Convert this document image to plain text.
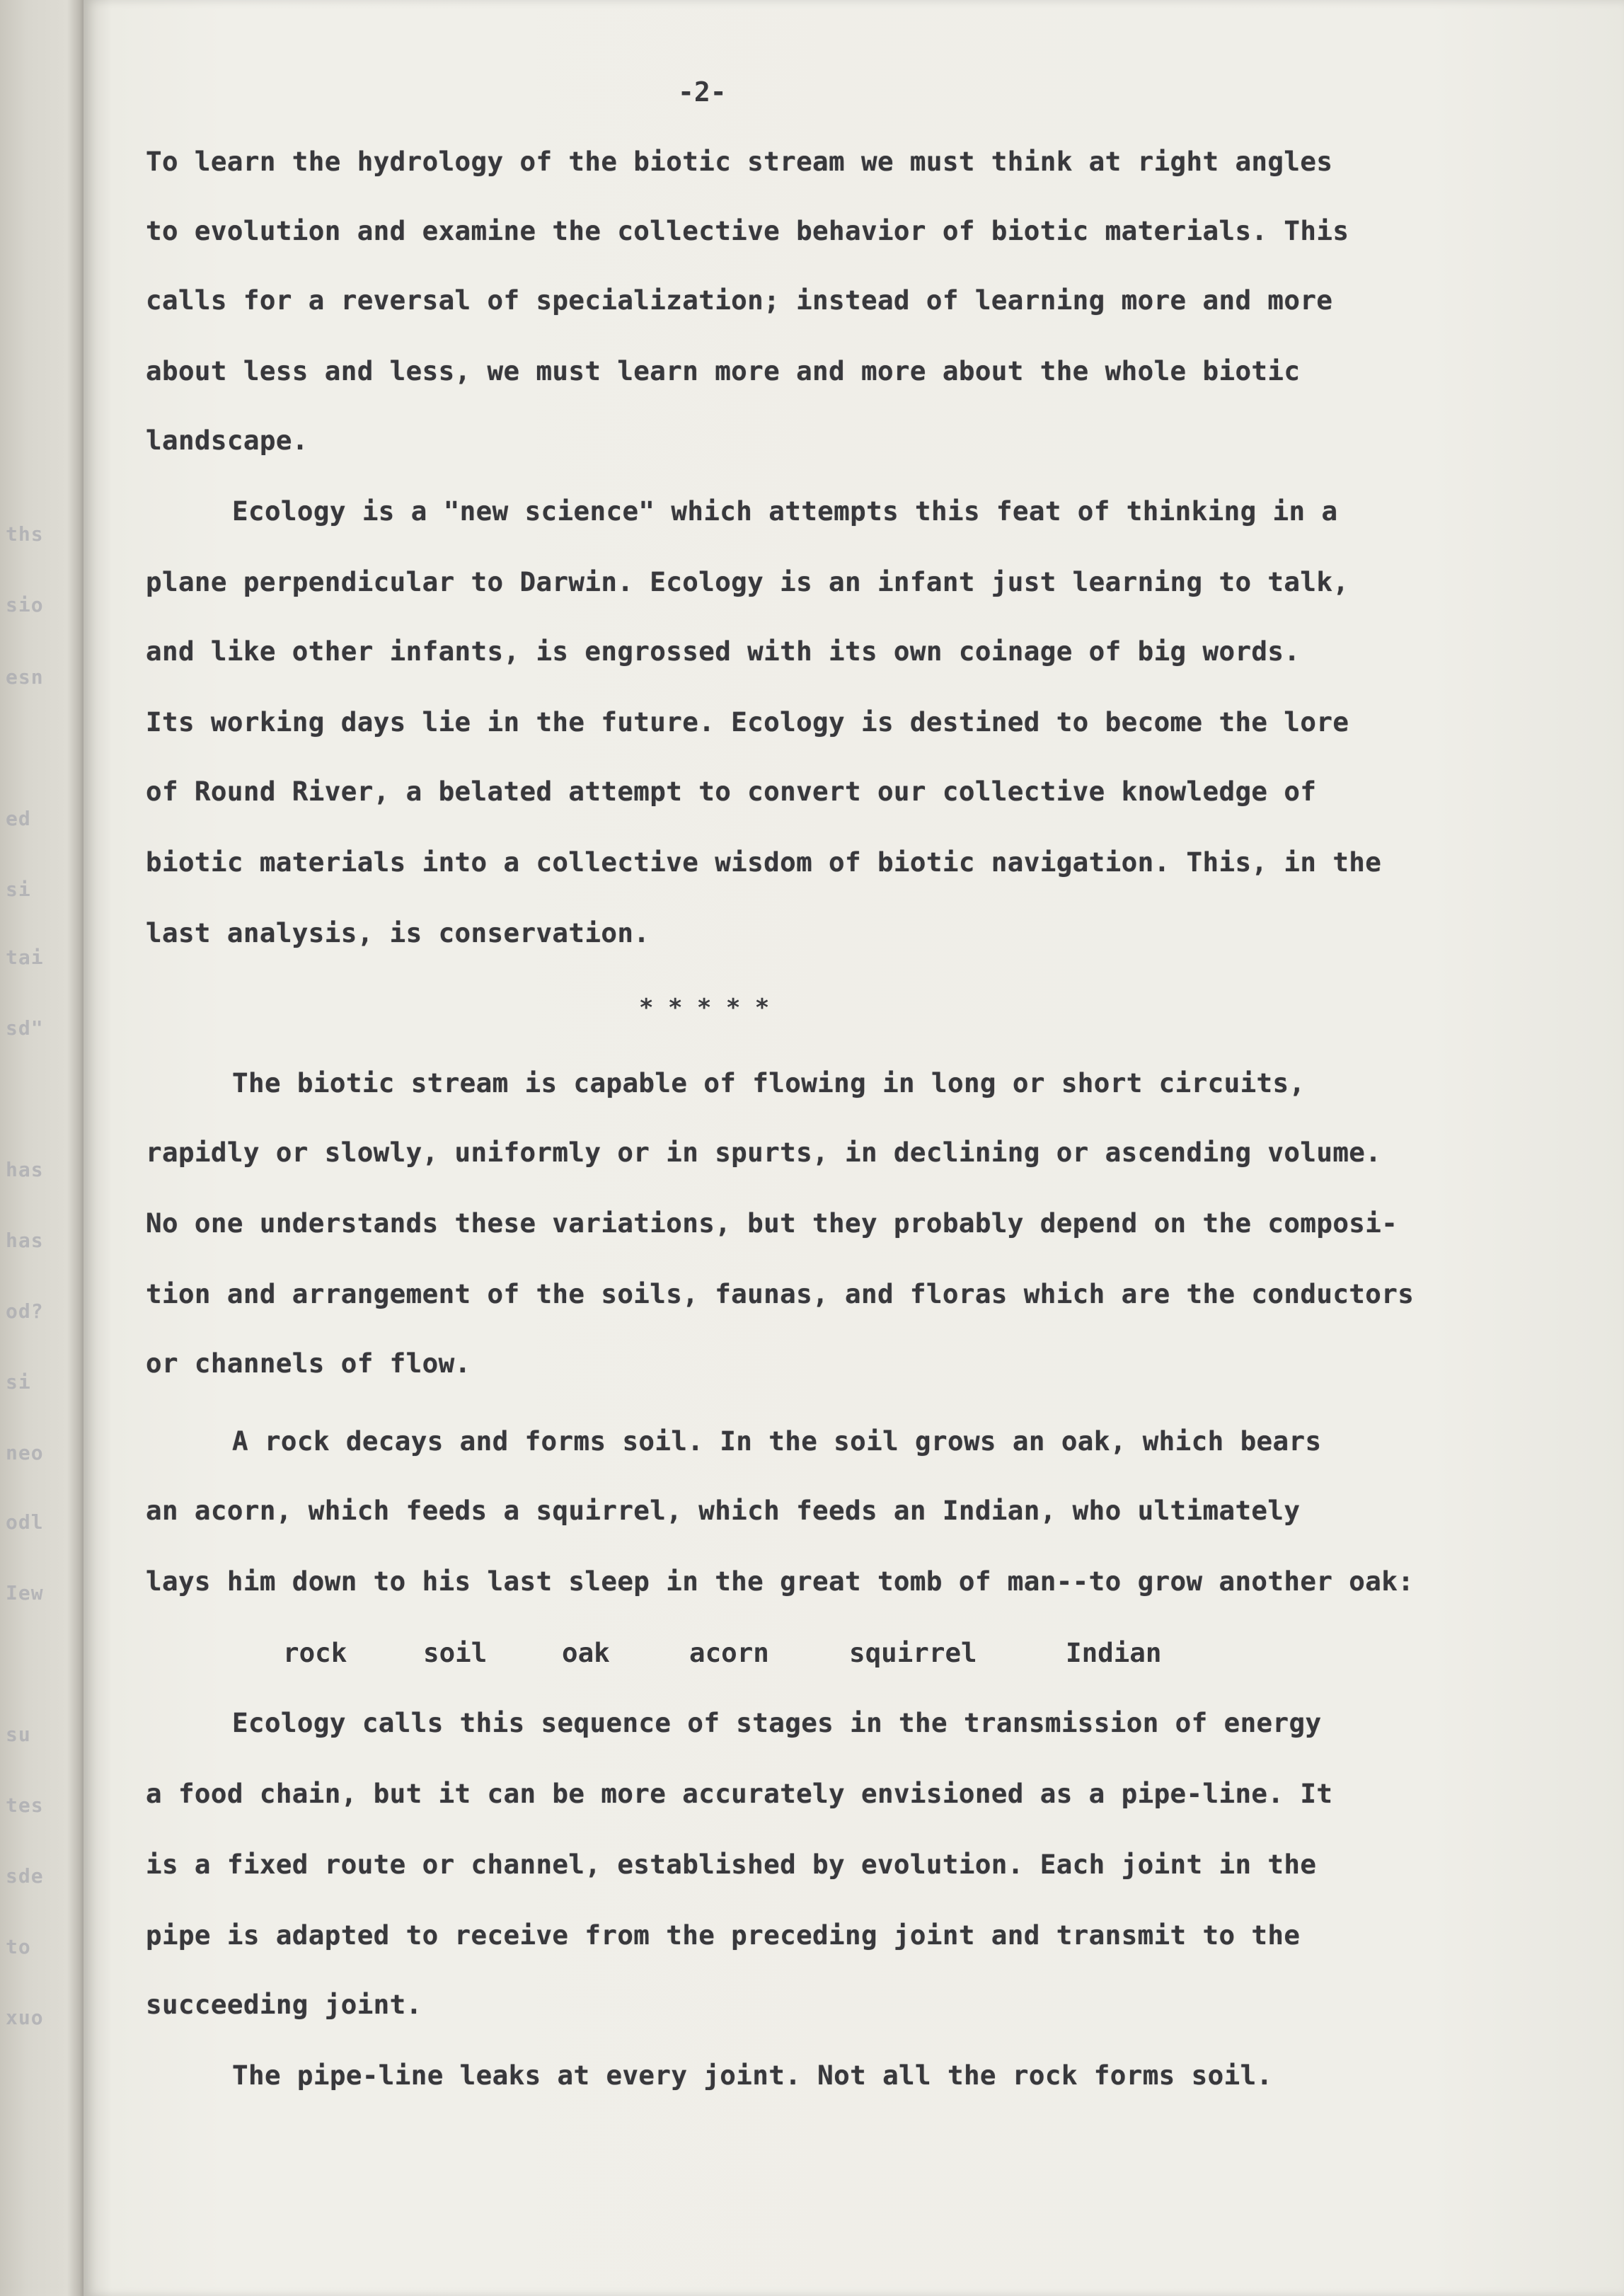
ths
sio
esn
ed
si
tai
sd"
has
has
od?
si
neo
odl
Iew
su
tes
sde
to
xuo
-2-
To learn the hydrology of the biotic stream we must think at right angles
to evolution and examine the collective behavior of biotic materials. This
calls for a reversal of specialization; instead of learning more and more
about less and less, we must learn more and more about the whole biotic
landscape.
Ecology is a "new science" which attempts this feat of thinking in a
plane perpendicular to Darwin. Ecology is an infant just learning to talk,
and like other infants, is engrossed with its own coinage of big words.
Its working days lie in the future. Ecology is destined to become the lore
of Round River, a belated attempt to convert our collective knowledge of
biotic materials into a collective wisdom of biotic navigation. This, in the
last analysis, is conservation.
* * * * *
The biotic stream is capable of flowing in long or short circuits,
rapidly or slowly, uniformly or in spurts, in declining or ascending volume.
No one understands these variations, but they probably depend on the composi-
tion and arrangement of the soils, faunas, and floras which are the conductors
or channels of flow.
A rock decays and forms soil. In the soil grows an oak, which bears
an acorn, which feeds a squirrel, which feeds an Indian, who ultimately
lays him down to his last sleep in the great tomb of man--to grow another oak:
rock	soil	oak	acorn	squirrel	Indian
Ecology calls this sequence of stages in the transmission of energy
a food chain, but it can be more accurately envisioned as a pipe-line. It
is a fixed route or channel, established by evolution. Each joint in the
pipe is adapted to receive from the preceding joint and transmit to the
succeeding joint.
The pipe-line leaks at every joint. Not all the rock forms soil.
